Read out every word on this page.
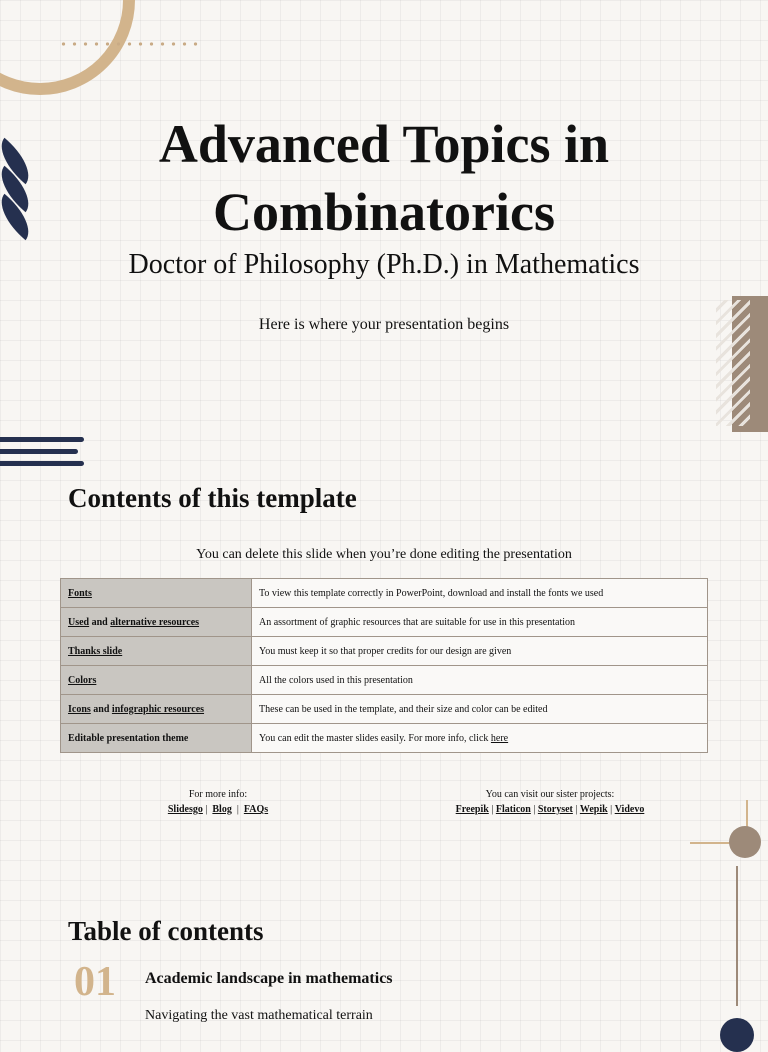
Advanced Topics in
Combinatorics
Doctor of Philosophy (Ph.D.) in Mathematics
Here is where your presentation begins
Contents of this template
You can delete this slide when you’re done editing the presentation
Fonts	To view this template correctly in PowerPoint, download and install the fonts we used
Used and alternative resources	An assortment of graphic resources that are suitable for use in this presentation
Thanks slide	You must keep it so that proper credits for our design are given
Colors	All the colors used in this presentation
Icons and infographic resources	These can be used in the template, and their size and color can be edited
Editable presentation theme	You can edit the master slides easily. For more info, click here
For more info:
Slidesgo |  Blog  |  FAQs
You can visit our sister projects:
Freepik | Flaticon | Storyset | Wepik | Videvo
Table of contents
01 Academic landscape in mathematics
Navigating the vast mathematical terrain
